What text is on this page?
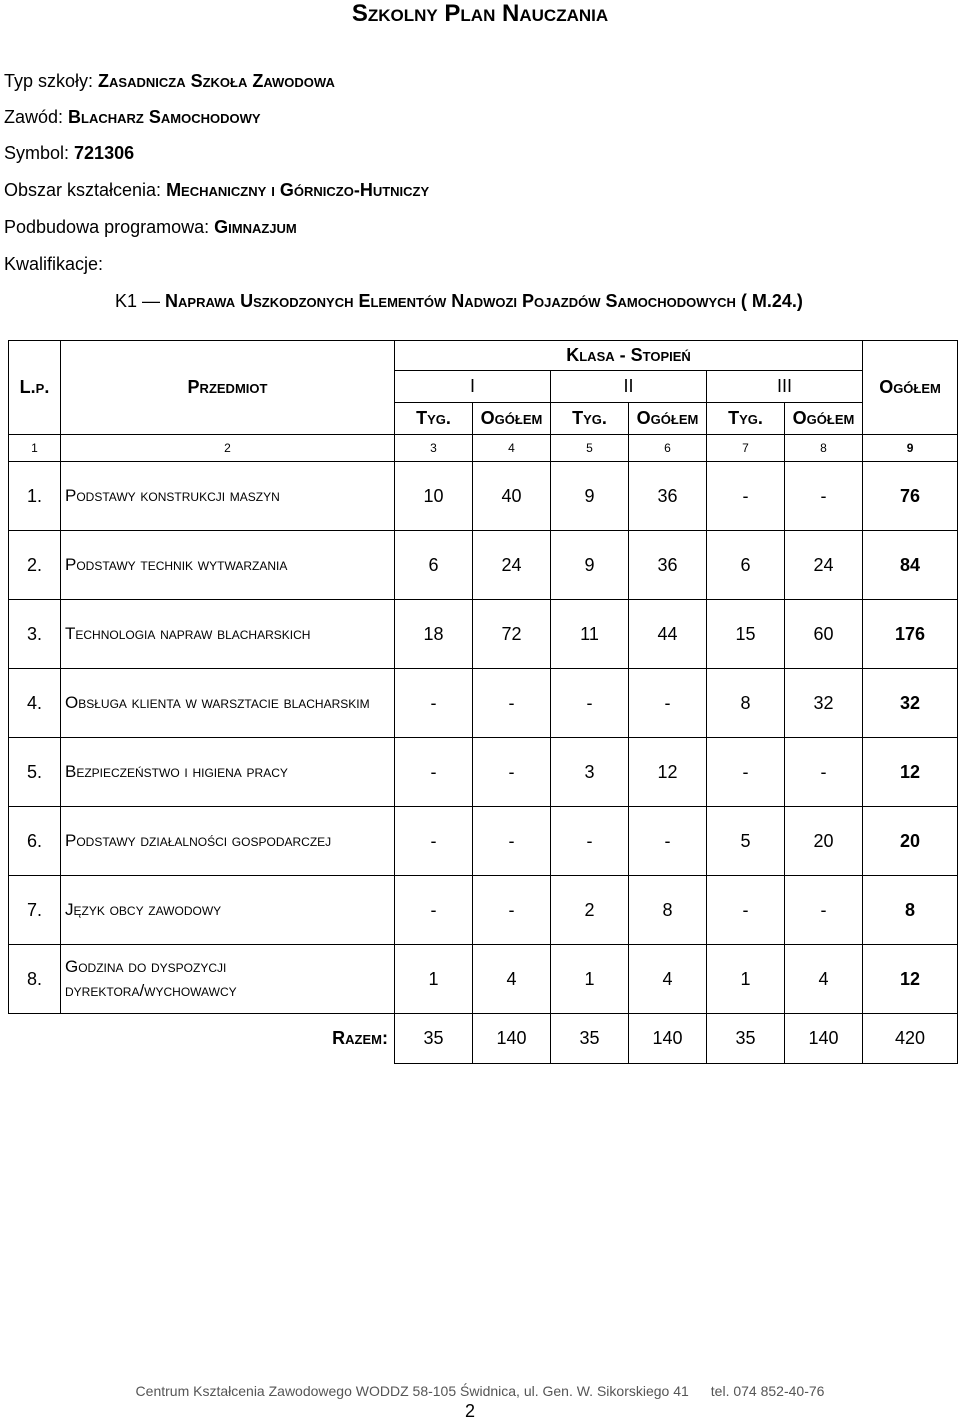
Szkolny Plan Nauczania
Typ szkoły: Zasadnicza Szkoła Zawodowa
Zawód: Blacharz Samochodowy
Symbol: 721306
Obszar kształcenia: Mechaniczny i Górniczo-Hutniczy
Podbudowa programowa: Gimnazjum
Kwalifikacje:
K1 — Naprawa Uszkodzonych Elementów Nadwozi Pojazdów Samochodowych ( M.24.)
L.p.	Przedmiot	Klasa - Stopień						Ogółem
		I		II		III		
		Tyg.	Ogółem	Tyg.	Ogółem	Tyg.	Ogółem	
1	2	3	4	5	6	7	8	9
1.	Podstawy konstrukcji maszyn	10	40	9	36	-	-	76
2.	Podstawy technik wytwarzania	6	24	9	36	6	24	84
3.	Technologia napraw blacharskich	18	72	11	44	15	60	176
4.	Obsługa klienta w warsztacie blacharskim	-	-	-	-	8	32	32
5.	Bezpieczeństwo i higiena pracy	-	-	3	12	-	-	12
6.	Podstawy działalności gospodarczej	-	-	-	-	5	20	20
7.	Język obcy zawodowy	-	-	2	8	-	-	8
8.	Godzina do dyspozycji dyrektora/wychowawcy	1	4	1	4	1	4	12
	Razem:	35	140	35	140	35	140	420
Centrum Kształcenia Zawodowego WODDZ 58-105 Świdnica, ul. Gen. W. Sikorskiego 41 tel. 074 852-40-76
2
